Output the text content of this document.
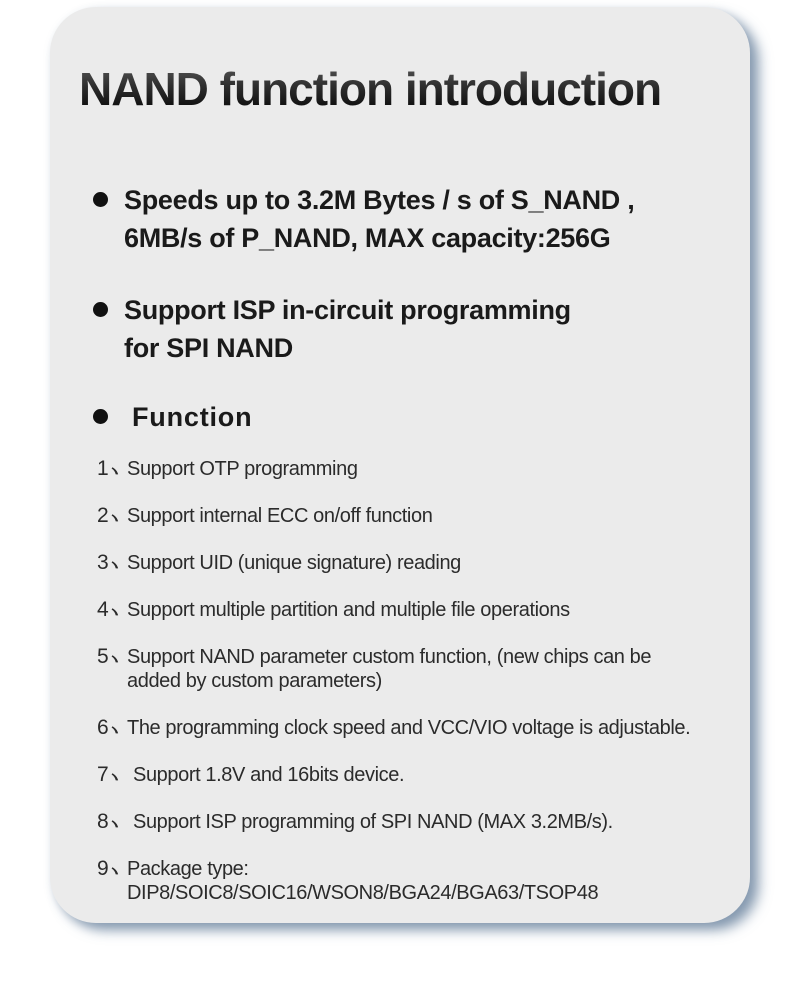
NAND function introduction
Speeds up to 3.2M Bytes / s of S_NAND ,
6MB/s of P_NAND, MAX capacity:256G
Support ISP in-circuit programming
for SPI NAND
Function
1 Support OTP programming
2 Support internal ECC on/off function
3 Support UID (unique signature) reading
4 Support multiple partition and multiple file operations
5 Support NAND parameter custom function, (new chips can be
added by custom parameters)
6 The programming clock speed and VCC/VIO voltage is adjustable.
7 Support 1.8V and 16bits device.
8 Support ISP programming of SPI NAND (MAX 3.2MB/s).
9 Package type: DIP8/SOIC8/SOIC16/WSON8/BGA24/BGA63/TSOP48
